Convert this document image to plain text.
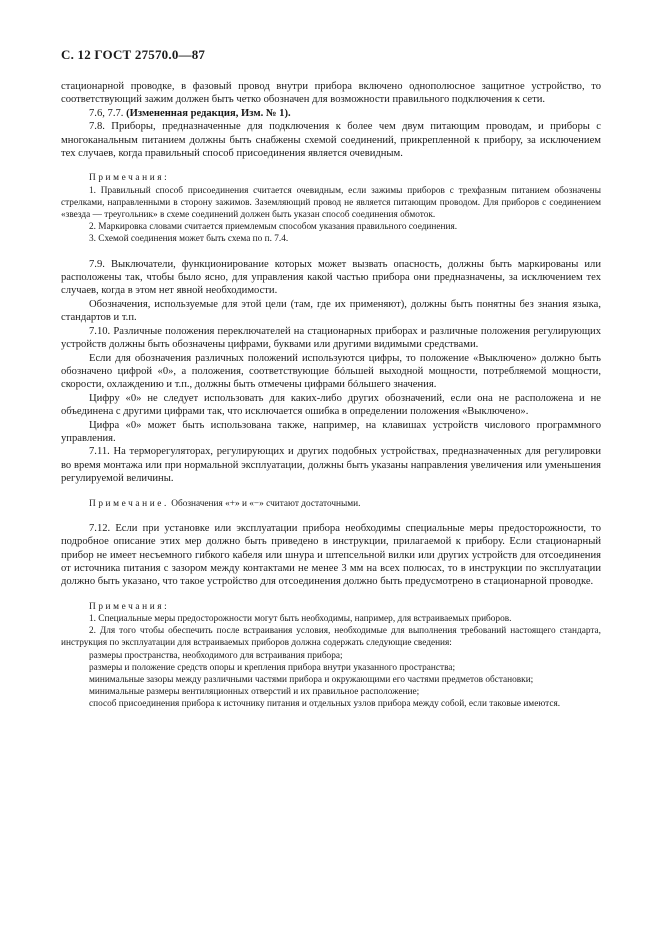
С. 12 ГОСТ 27570.0—87

стационарной проводке, в фазовый провод внутри прибора включено однополюсное защитное устройство, то соответствующий зажим должен быть четко обозначен для возможности правильного подключения к сети.

7.6, 7.7. (Измененная редакция, Изм. № 1).

7.8. Приборы, предназначенные для подключения к более чем двум питающим проводам, и приборы с многоканальным питанием должны быть снабжены схемой соединений, прикрепленной к прибору, за исключением тех случаев, когда правильный способ присоединения является очевидным.

Примечания:

1. Правильный способ присоединения считается очевидным, если зажимы приборов с трехфазным питанием обозначены стрелками, направленными в сторону зажимов. Заземляющий провод не является питающим проводом. Для приборов с соединением «звезда — треугольник» в схеме соединений должен быть указан способ соединения обмоток.

2. Маркировка словами считается приемлемым способом указания правильного соединения.

3. Схемой соединения может быть схема по п. 7.4.

7.9. Выключатели, функционирование которых может вызвать опасность, должны быть маркированы или расположены так, чтобы было ясно, для управления какой частью прибора они предназначены, за исключением тех случаев, когда в этом нет явной необходимости.

Обозначения, используемые для этой цели (там, где их применяют), должны быть понятны без знания языка, стандартов и т.п.

7.10. Различные положения переключателей на стационарных приборах и различные положения регулирующих устройств должны быть обозначены цифрами, буквами или другими видимыми средствами.

Если для обозначения различных положений используются цифры, то положение «Выключено» должно быть обозначено цифрой «0», а положения, соответствующие бóльшей выходной мощности, потребляемой мощности, скорости, охлаждению и т.п., должны быть отмечены цифрами бóльшего значения.

Цифру «0» не следует использовать для каких-либо других обозначений, если она не расположена и не объединена с другими цифрами так, что исключается ошибка в определении положения «Выключено».

Цифра «0» может быть использована также, например, на клавишах устройств числового программного управления.

7.11. На терморегуляторах, регулирующих и других подобных устройствах, предназначенных для регулировки во время монтажа или при нормальной эксплуатации, должны быть указаны направления увеличения или уменьшения регулируемой величины.

Примечание. Обозначения «+» и «−» считают достаточными.

7.12. Если при установке или эксплуатации прибора необходимы специальные меры предосторожности, то подробное описание этих мер должно быть приведено в инструкции, прилагаемой к прибору. Если стационарный прибор не имеет несъемного гибкого кабеля или шнура и штепсельной вилки или других устройств для отсоединения от источника питания с зазором между контактами не менее 3 мм на всех полюсах, то в инструкции по эксплуатации должно быть указано, что такое устройство для отсоединения должно быть предусмотрено в стационарной проводке.

Примечания:

1. Специальные меры предосторожности могут быть необходимы, например, для встраиваемых приборов.

2. Для того чтобы обеспечить после встраивания условия, необходимые для выполнения требований настоящего стандарта, инструкция по эксплуатации для встраиваемых приборов должна содержать следующие сведения:

размеры пространства, необходимого для встраивания прибора;

размеры и положение средств опоры и крепления прибора внутри указанного пространства;

минимальные зазоры между различными частями прибора и окружающими его частями предметов обстановки;

минимальные размеры вентиляционных отверстий и их правильное расположение;

способ присоединения прибора к источнику питания и отдельных узлов прибора между собой, если таковые имеются.
